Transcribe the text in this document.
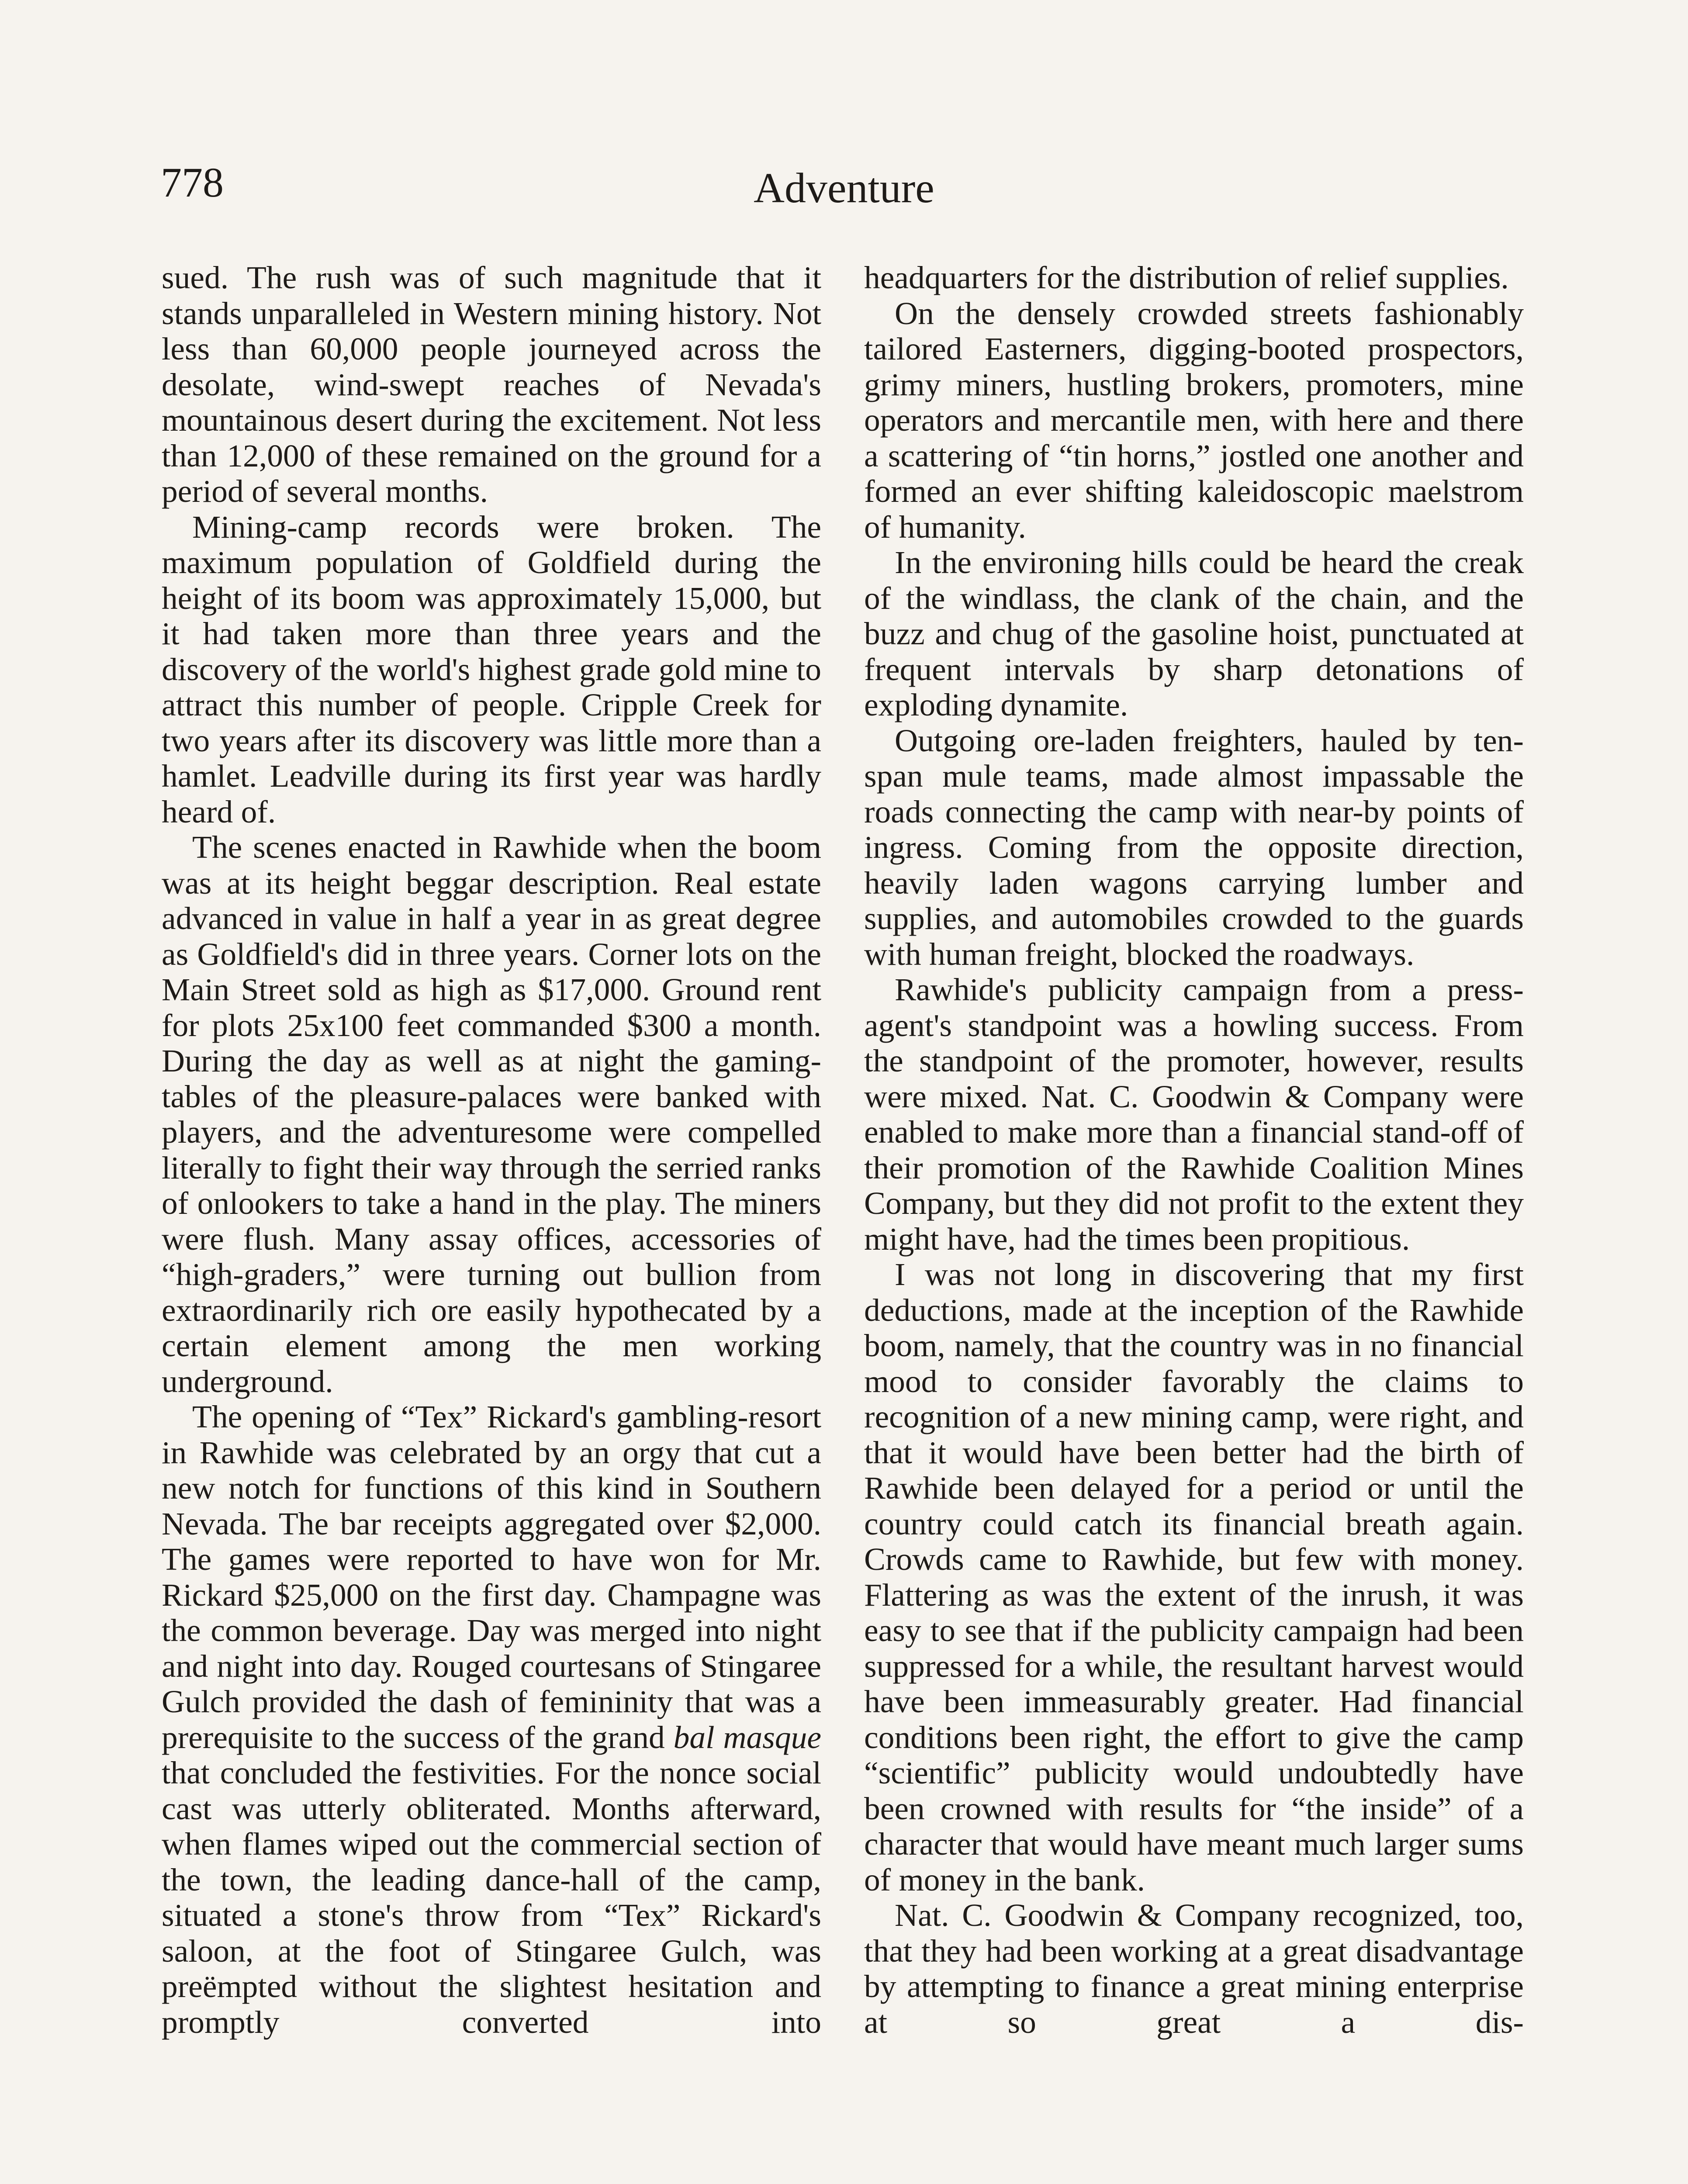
778	Adventure

sued. The rush was of such magnitude that it stands unparalleled in Western mining history. Not less than 60,000 people journeyed across the desolate, wind-swept reaches of Nevada's mountainous desert during the excitement. Not less than 12,000 of these remained on the ground for a period of several months.

Mining-camp records were broken. The maximum population of Goldfield during the height of its boom was approximately 15,000, but it had taken more than three years and the discovery of the world's highest grade gold mine to attract this number of people. Cripple Creek for two years after its discovery was little more than a hamlet. Leadville during its first year was hardly heard of.

The scenes enacted in Rawhide when the boom was at its height beggar description. Real estate advanced in value in half a year in as great degree as Goldfield's did in three years. Corner lots on the Main Street sold as high as $17,000. Ground rent for plots 25x100 feet commanded $300 a month. During the day as well as at night the gaming-tables of the pleasure-palaces were banked with players, and the adventuresome were compelled literally to fight their way through the serried ranks of onlookers to take a hand in the play. The miners were flush. Many assay offices, accessories of “high-graders,” were turning out bullion from extraordinarily rich ore easily hypothecated by a certain element among the men working underground.

The opening of “Tex” Rickard's gambling-resort in Rawhide was celebrated by an orgy that cut a new notch for functions of this kind in Southern Nevada. The bar receipts aggregated over $2,000. The games were reported to have won for Mr. Rickard $25,000 on the first day. Champagne was the common beverage. Day was merged into night and night into day. Rouged courtesans of Stingaree Gulch provided the dash of femininity that was a prerequisite to the success of the grand bal masque that concluded the festivities. For the nonce social cast was utterly obliterated. Months afterward, when flames wiped out the commercial section of the town, the leading dance-hall of the camp, situated a stone's throw from “Tex” Rickard's saloon, at the foot of Stingaree Gulch, was preëmpted without the slightest hesitation and promptly converted into

headquarters for the distribution of relief supplies.

On the densely crowded streets fashionably tailored Easterners, digging-booted prospectors, grimy miners, hustling brokers, promoters, mine operators and mercantile men, with here and there a scattering of “tin horns,” jostled one another and formed an ever shifting kaleidoscopic maelstrom of humanity.

In the environing hills could be heard the creak of the windlass, the clank of the chain, and the buzz and chug of the gasoline hoist, punctuated at frequent intervals by sharp detonations of exploding dynamite.

Outgoing ore-laden freighters, hauled by ten-span mule teams, made almost impassable the roads connecting the camp with near-by points of ingress. Coming from the opposite direction, heavily laden wagons carrying lumber and supplies, and automobiles crowded to the guards with human freight, blocked the roadways.

Rawhide's publicity campaign from a press-agent's standpoint was a howling success. From the standpoint of the promoter, however, results were mixed. Nat. C. Goodwin & Company were enabled to make more than a financial stand-off of their promotion of the Rawhide Coalition Mines Company, but they did not profit to the extent they might have, had the times been propitious.

I was not long in discovering that my first deductions, made at the inception of the Rawhide boom, namely, that the country was in no financial mood to consider favorably the claims to recognition of a new mining camp, were right, and that it would have been better had the birth of Rawhide been delayed for a period or until the country could catch its financial breath again. Crowds came to Rawhide, but few with money. Flattering as was the extent of the inrush, it was easy to see that if the publicity campaign had been suppressed for a while, the resultant harvest would have been immeasurably greater. Had financial conditions been right, the effort to give the camp “scientific” publicity would undoubtedly have been crowned with results for “the inside” of a character that would have meant much larger sums of money in the bank.

Nat. C. Goodwin & Company recognized, too, that they had been working at a great disadvantage by attempting to finance a great mining enterprise at so great a dis-
